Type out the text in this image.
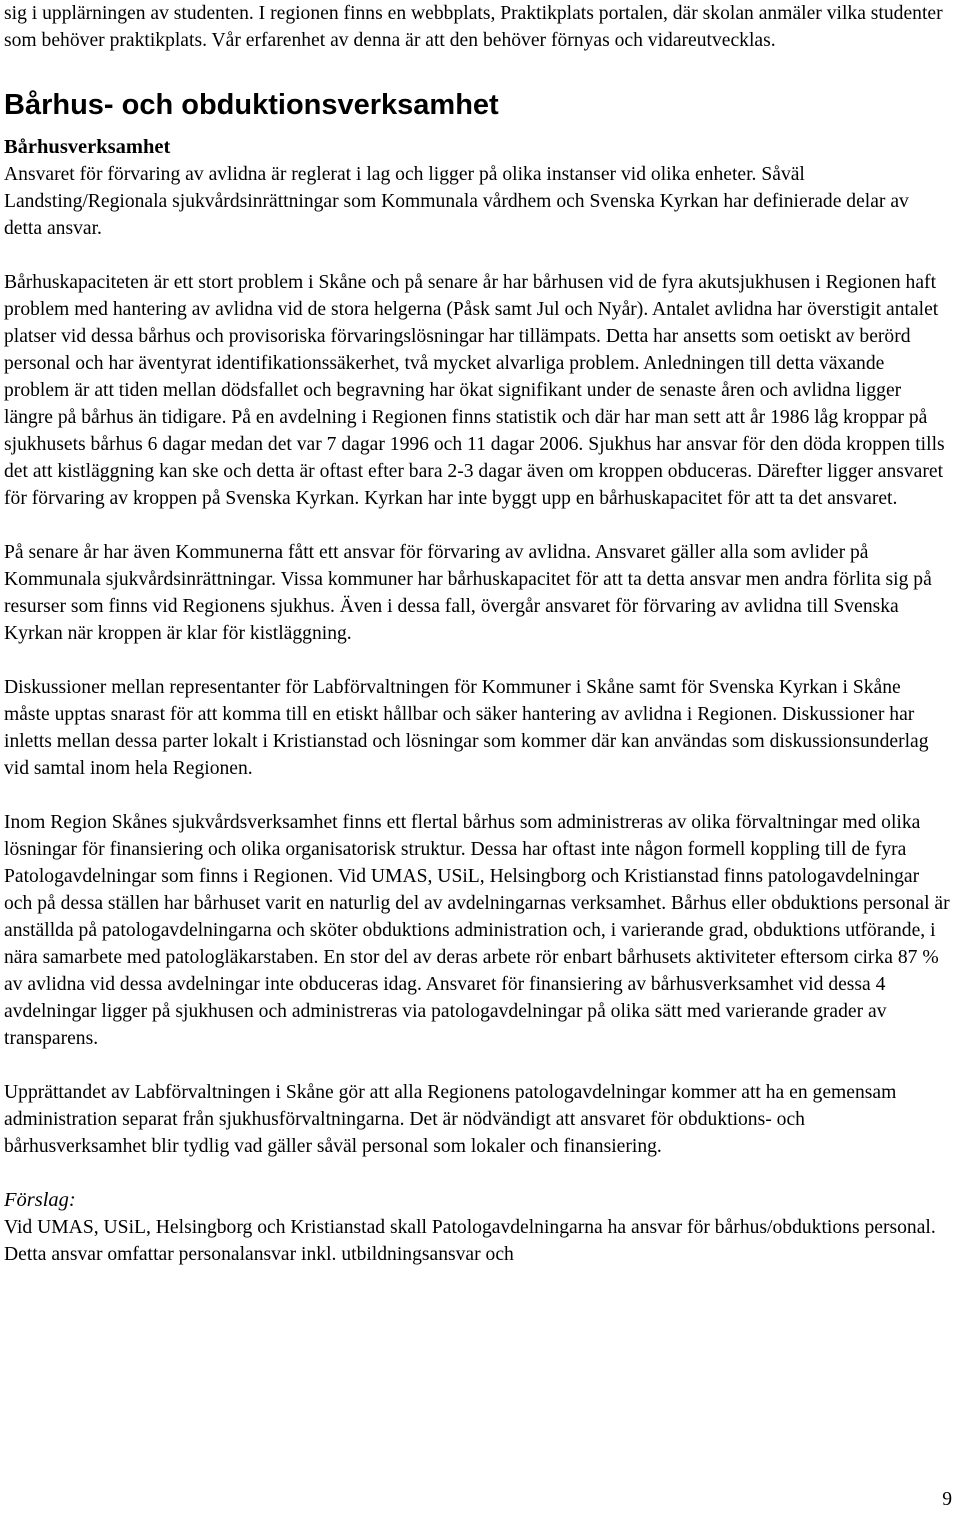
sig i upplärningen av studenten. I regionen finns en webbplats, Praktikplats portalen, där skolan anmäler vilka studenter som behöver praktikplats. Vår erfarenhet av denna är att den behöver förnyas och vidareutvecklas.

Bårhus- och obduktionsverksamhet
Bårhusverksamhet

Ansvaret för förvaring av avlidna är reglerat i lag och ligger på olika instanser vid olika enheter. Såväl Landsting/Regionala sjukvårdsinrättningar som Kommunala vårdhem och Svenska Kyrkan har definierade delar av detta ansvar.

Bårhuskapaciteten är ett stort problem i Skåne och på senare år har bårhusen vid de fyra akutsjukhusen i Regionen haft problem med hantering av avlidna vid de stora helgerna (Påsk samt Jul och Nyår). Antalet avlidna har överstigit antalet platser vid dessa bårhus och provisoriska förvaringslösningar har tillämpats. Detta har ansetts som oetiskt av berörd personal och har äventyrat identifikationssäkerhet, två mycket alvarliga problem. Anledningen till detta växande problem är att tiden mellan dödsfallet och begravning har ökat signifikant under de senaste åren och avlidna ligger längre på bårhus än tidigare. På en avdelning i Regionen finns statistik och där har man sett att år 1986 låg kroppar på sjukhusets bårhus 6 dagar medan det var 7 dagar 1996 och 11 dagar 2006. Sjukhus har ansvar för den döda kroppen tills det att kistläggning kan ske och detta är oftast efter bara 2-3 dagar även om kroppen obduceras. Därefter ligger ansvaret för förvaring av kroppen på Svenska Kyrkan. Kyrkan har inte byggt upp en bårhuskapacitet för att ta det ansvaret.

På senare år har även Kommunerna fått ett ansvar för förvaring av avlidna. Ansvaret gäller alla som avlider på Kommunala sjukvårdsinrättningar. Vissa kommuner har bårhuskapacitet för att ta detta ansvar men andra förlita sig på resurser som finns vid Regionens sjukhus. Även i dessa fall, övergår ansvaret för förvaring av avlidna till Svenska Kyrkan när kroppen är klar för kistläggning.

Diskussioner mellan representanter för Labförvaltningen för Kommuner i Skåne samt för Svenska Kyrkan i Skåne måste upptas snarast för att komma till en etiskt hållbar och säker hantering av avlidna i Regionen. Diskussioner har inletts mellan dessa parter lokalt i Kristianstad och lösningar som kommer där kan användas som diskussionsunderlag vid samtal inom hela Regionen.

Inom Region Skånes sjukvårdsverksamhet finns ett flertal bårhus som administreras av olika förvaltningar med olika lösningar för finansiering och olika organisatorisk struktur. Dessa har oftast inte någon formell koppling till de fyra Patologavdelningar som finns i Regionen. Vid UMAS, USiL, Helsingborg och Kristianstad finns patologavdelningar och på dessa ställen har bårhuset varit en naturlig del av avdelningarnas verksamhet. Bårhus eller obduktions personal är anställda på patologavdelningarna och sköter obduktions administration och, i varierande grad, obduktions utförande, i nära samarbete med patologläkarstaben. En stor del av deras arbete rör enbart bårhusets aktiviteter eftersom cirka 87 % av avlidna vid dessa avdelningar inte obduceras idag. Ansvaret för finansiering av bårhusverksamhet vid dessa 4 avdelningar ligger på sjukhusen och administreras via patologavdelningar på olika sätt med varierande grader av transparens.

Upprättandet av Labförvaltningen i Skåne gör att alla Regionens patologavdelningar kommer att ha en gemensam administration separat från sjukhusförvaltningarna. Det är nödvändigt att ansvaret för obduktions- och bårhusverksamhet blir tydlig vad gäller såväl personal som lokaler och finansiering.

Förslag:

Vid UMAS, USiL, Helsingborg och Kristianstad skall Patologavdelningarna ha ansvar för bårhus/obduktions personal. Detta ansvar omfattar personalansvar inkl. utbildningsansvar och

9
